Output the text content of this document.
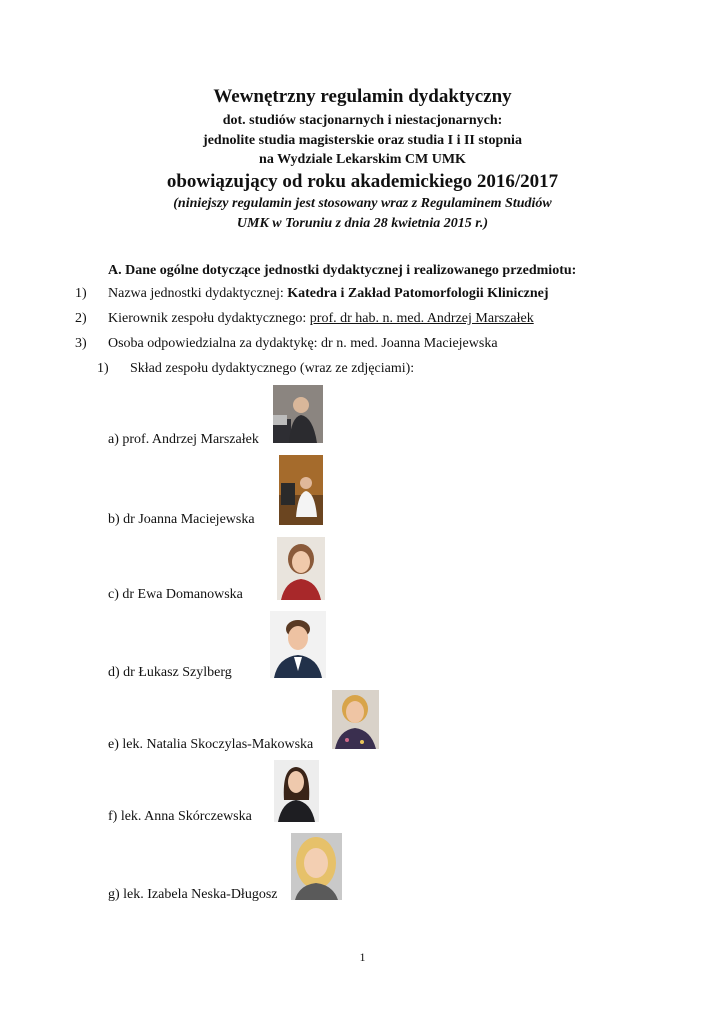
Wewnętrzny regulamin dydaktyczny
dot. studiów stacjonarnych i niestacjonarnych:
jednolite studia magisterskie oraz studia I i II stopnia
na Wydziale Lekarskim CM UMK
obowiązujący od roku akademickiego 2016/2017
(niniejszy regulamin jest stosowany wraz z Regulaminem Studiów
UMK w Toruniu z dnia 28 kwietnia 2015 r.)
A. Dane ogólne dotyczące jednostki dydaktycznej i realizowanego przedmiotu:
1)	Nazwa jednostki dydaktycznej: Katedra i Zakład Patomorfologii Klinicznej
2)	Kierownik zespołu dydaktycznego: prof. dr hab. n. med. Andrzej Marszałek
3)	Osoba odpowiedzialna za dydaktykę: dr n. med. Joanna Maciejewska
1)	Skład zespołu dydaktycznego (wraz ze zdjęciami):
a) prof. Andrzej Marszałek
b) dr Joanna Maciejewska
c) dr Ewa Domanowska
d) dr Łukasz Szylberg
e) lek. Natalia Skoczylas-Makowska
f) lek. Anna Skórczewska
g) lek. Izabela Neska-Długosz
1
